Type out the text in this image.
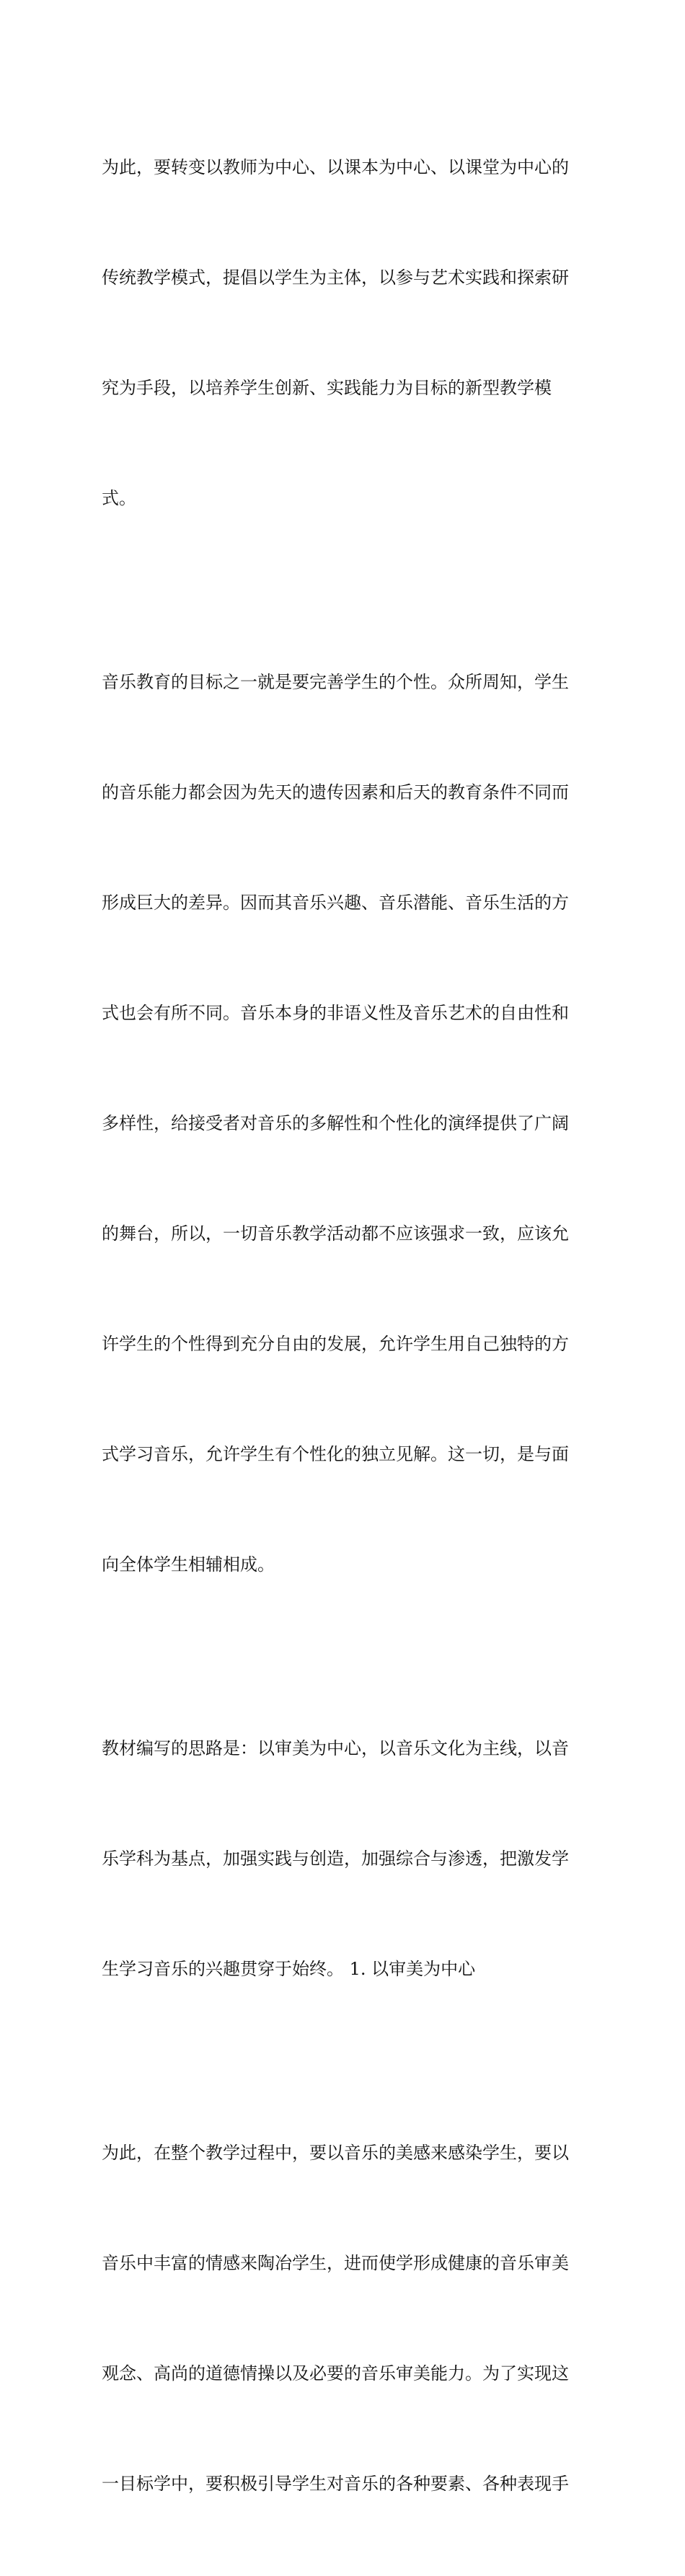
为此，要转变以教师为中心、以课本为中心、以课堂为中心的

传统教学模式，提倡以学生为主体，以参与艺术实践和探索研

究为手段，以培养学生创新、实践能力为目标的新型教学模

式。

音乐教育的目标之一就是要完善学生的个性。众所周知，学生

的音乐能力都会因为先天的遗传因素和后天的教育条件不同而

形成巨大的差异。因而其音乐兴趣、音乐潜能、音乐生活的方

式也会有所不同。音乐本身的非语义性及音乐艺术的自由性和

多样性，给接受者对音乐的多解性和个性化的演绎提供了广阔

的舞台，所以，一切音乐教学活动都不应该强求一致，应该允

许学生的个性得到充分自由的发展，允许学生用自己独特的方

式学习音乐，允许学生有个性化的独立见解。这一切，是与面

向全体学生相辅相成。

教材编写的思路是：以审美为中心，以音乐文化为主线，以音

乐学科为基点，加强实践与创造，加强综合与渗透，把激发学

生学习音乐的兴趣贯穿于始终。 1. 以审美为中心

为此，在整个教学过程中，要以音乐的美感来感染学生，要以

音乐中丰富的情感来陶冶学生，进而使学形成健康的音乐审美

观念、高尚的道德情操以及必要的音乐审美能力。为了实现这

一目标学中，要积极引导学生对音乐的各种要素、各种表现手
